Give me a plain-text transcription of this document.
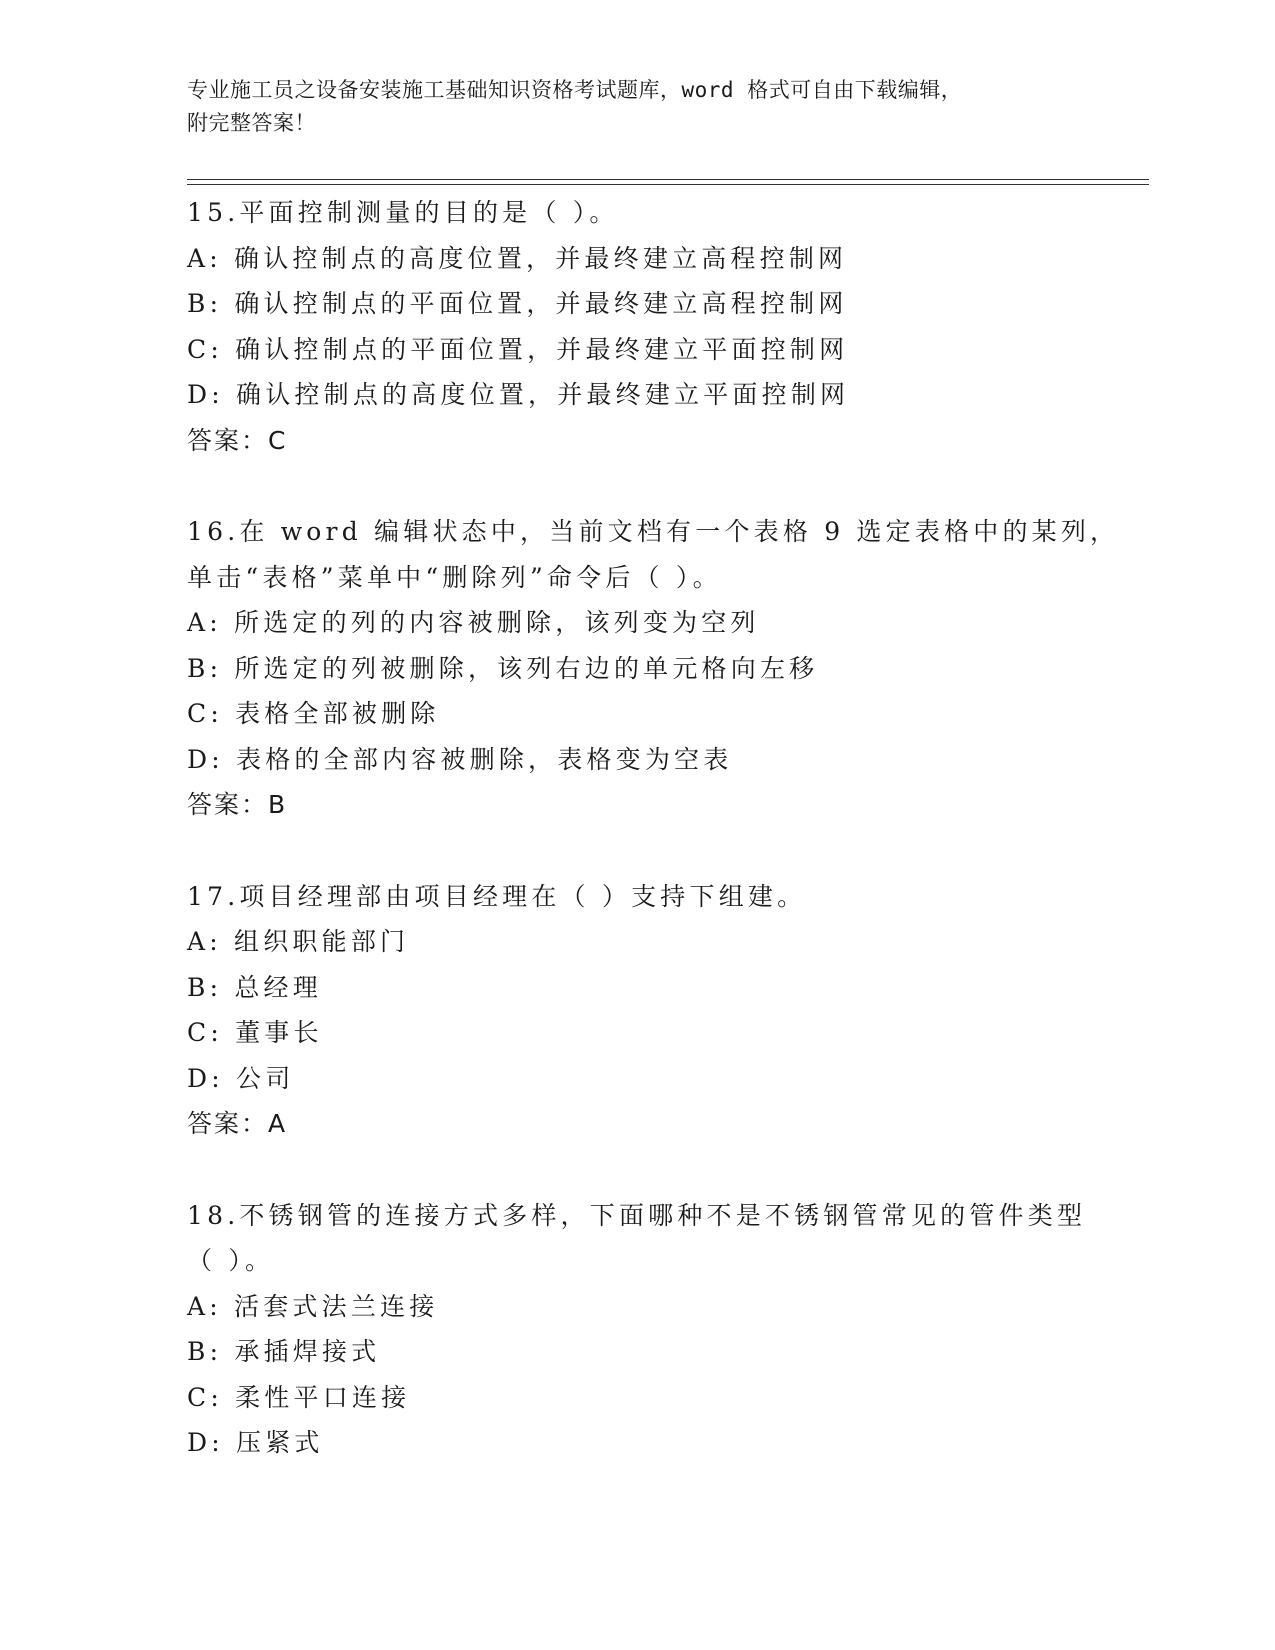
专业施工员之设备安装施工基础知识资格考试题库，word 格式可自由下载编辑，
附完整答案！
15.平面控制测量的目的是（ ）。
A: 确认控制点的高度位置，并最终建立高程控制网
B: 确认控制点的平面位置，并最终建立高程控制网
C: 确认控制点的平面位置，并最终建立平面控制网
D: 确认控制点的高度位置，并最终建立平面控制网
答案：C
16.在 word 编辑状态中，当前文档有一个表格 9 选定表格中的某列，
单击“表格”菜单中“删除列”命令后（ ）。
A: 所选定的列的内容被删除，该列变为空列
B: 所选定的列被删除，该列右边的单元格向左移
C: 表格全部被删除
D: 表格的全部内容被删除，表格变为空表
答案：B
17.项目经理部由项目经理在（ ）支持下组建。
A: 组织职能部门
B: 总经理
C: 董事长
D: 公司
答案：A
18.不锈钢管的连接方式多样，下面哪种不是不锈钢管常见的管件类型
（ ）。
A: 活套式法兰连接
B: 承插焊接式
C: 柔性平口连接
D: 压紧式
